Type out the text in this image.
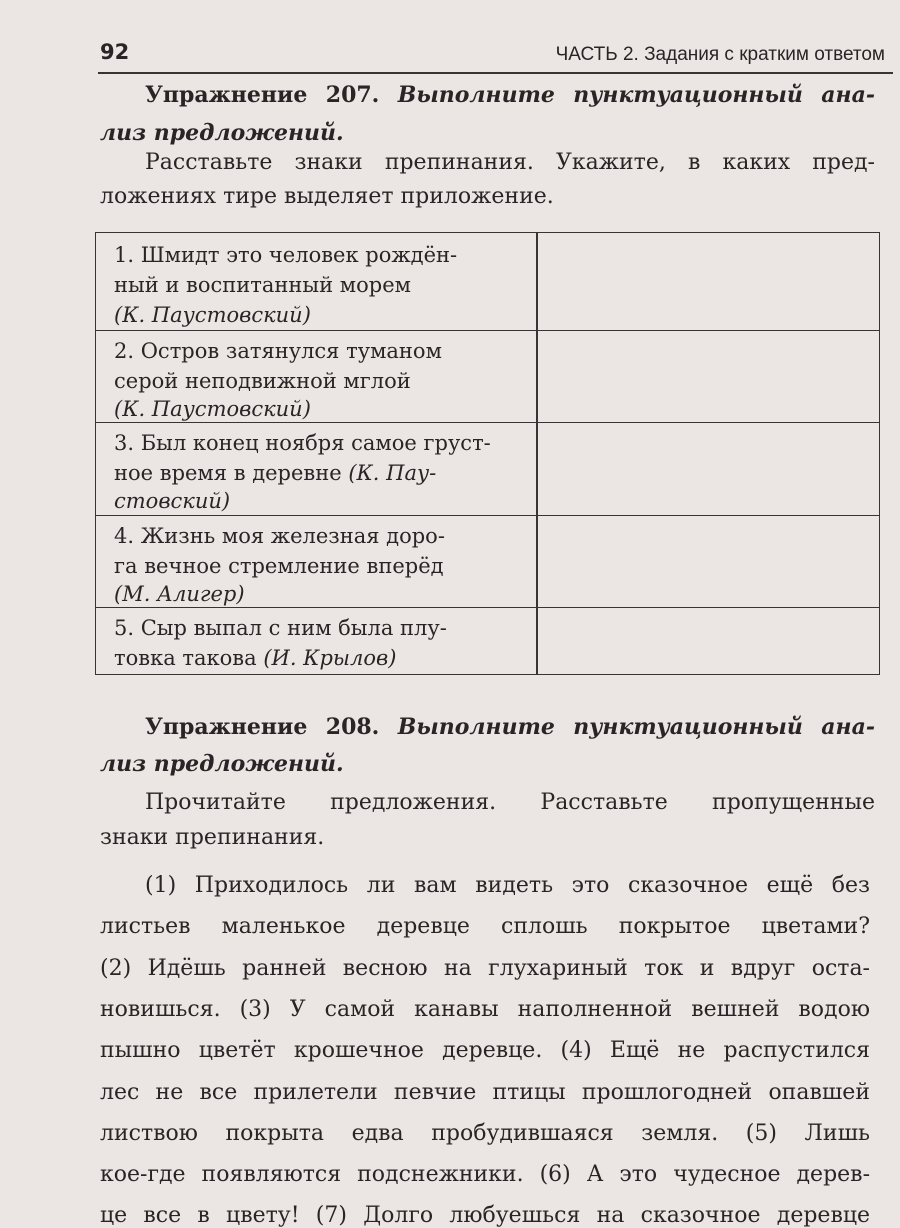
92	ЧАСТЬ 2. Задания с кратким ответом
Упражнение 207. Выполните пунктуационный ана-
лиз предложений.
Расставьте знаки препинания. Укажите, в каких пред-
ложениях тире выделяет приложение.
1. Шмидт это человек рождён-
ный и воспитанный морем
(К. Паустовский)
2. Остров затянулся туманом
серой неподвижной мглой
(К. Паустовский)
3. Был конец ноября самое груст-
ное время в деревне (К. Пау-
стовский)
4. Жизнь моя железная доро-
га вечное стремление вперёд
(М. Алигер)
5. Сыр выпал с ним была плу-
товка такова (И. Крылов)
Упражнение 208. Выполните пунктуационный ана-
лиз предложений.
Прочитайте предложения. Расставьте пропущенные
знаки препинания.
(1) Приходилось ли вам видеть это сказочное ещё без
листьев маленькое деревце сплошь покрытое цветами?
(2) Идёшь ранней весною на глухариный ток и вдруг оста-
новишься. (3) У самой канавы наполненной вешней водою
пышно цветёт крошечное деревце. (4) Ещё не распустился
лес не все прилетели певчие птицы прошлогодней опавшей
листвою покрыта едва пробудившаяся земля. (5) Лишь
кое-где появляются подснежники. (6) А это чудесное дерев-
це все в цвету! (7) Долго любуешься на сказочное деревце
